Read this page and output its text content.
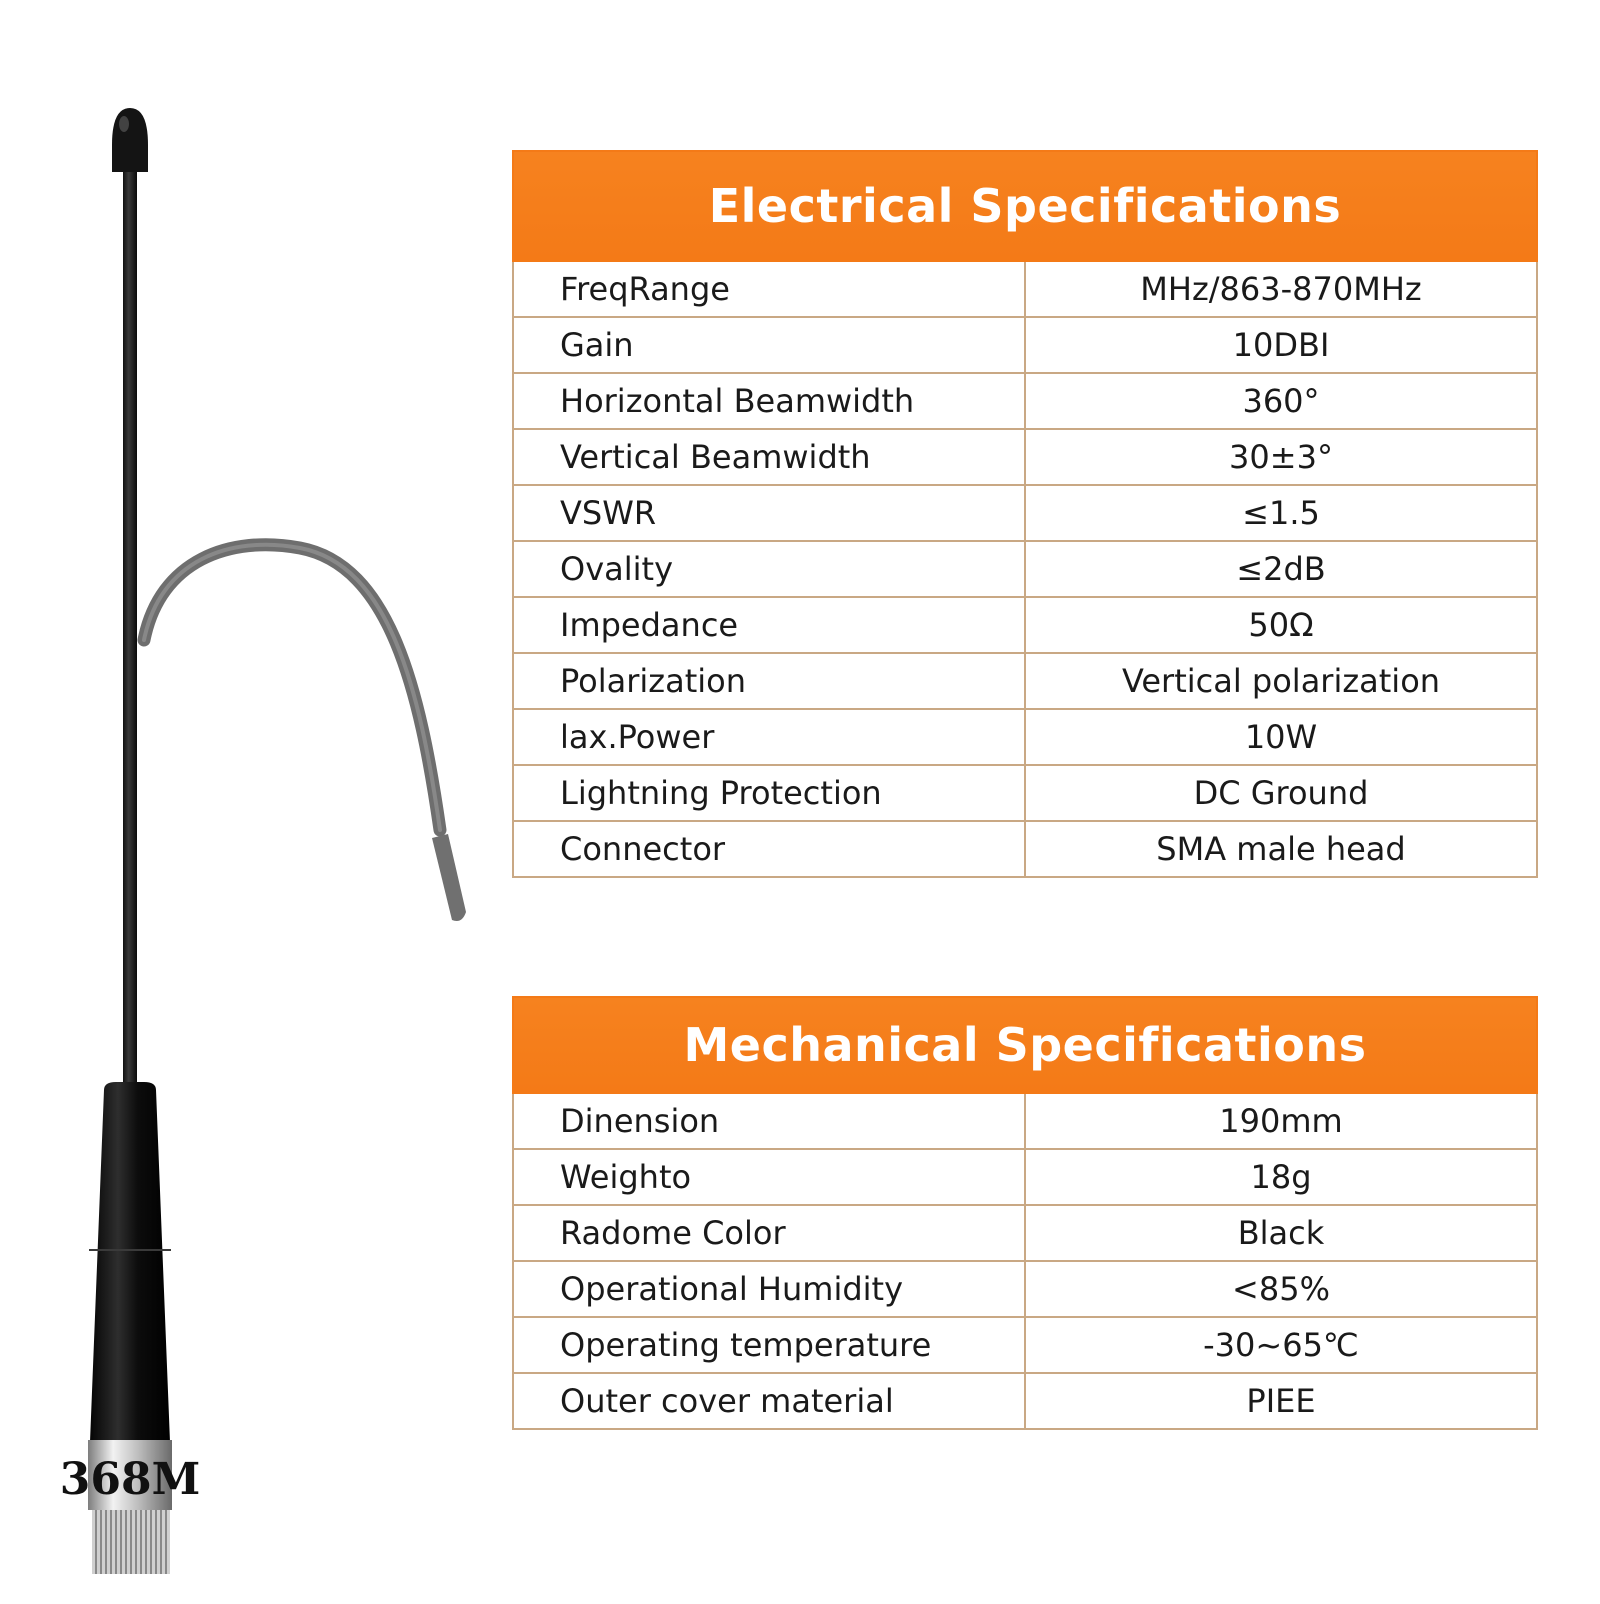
368M
Electrical Specifications	
FreqRange	MHz/863-870MHz
Gain	10DBI
Horizontal Beamwidth	360°
Vertical Beamwidth	30±3°
VSWR	≤1.5
Ovality	≤2dB
Impedance	50Ω
Polarization	Vertical polarization
lax.Power	10W
Lightning Protection	DC Ground
Connector	SMA male head
Mechanical Specifications	
Dinension	190mm
Weighto	18g
Radome Color	Black
Operational Humidity	<85%
Operating temperature	-30~65℃
Outer cover material	PIEE
